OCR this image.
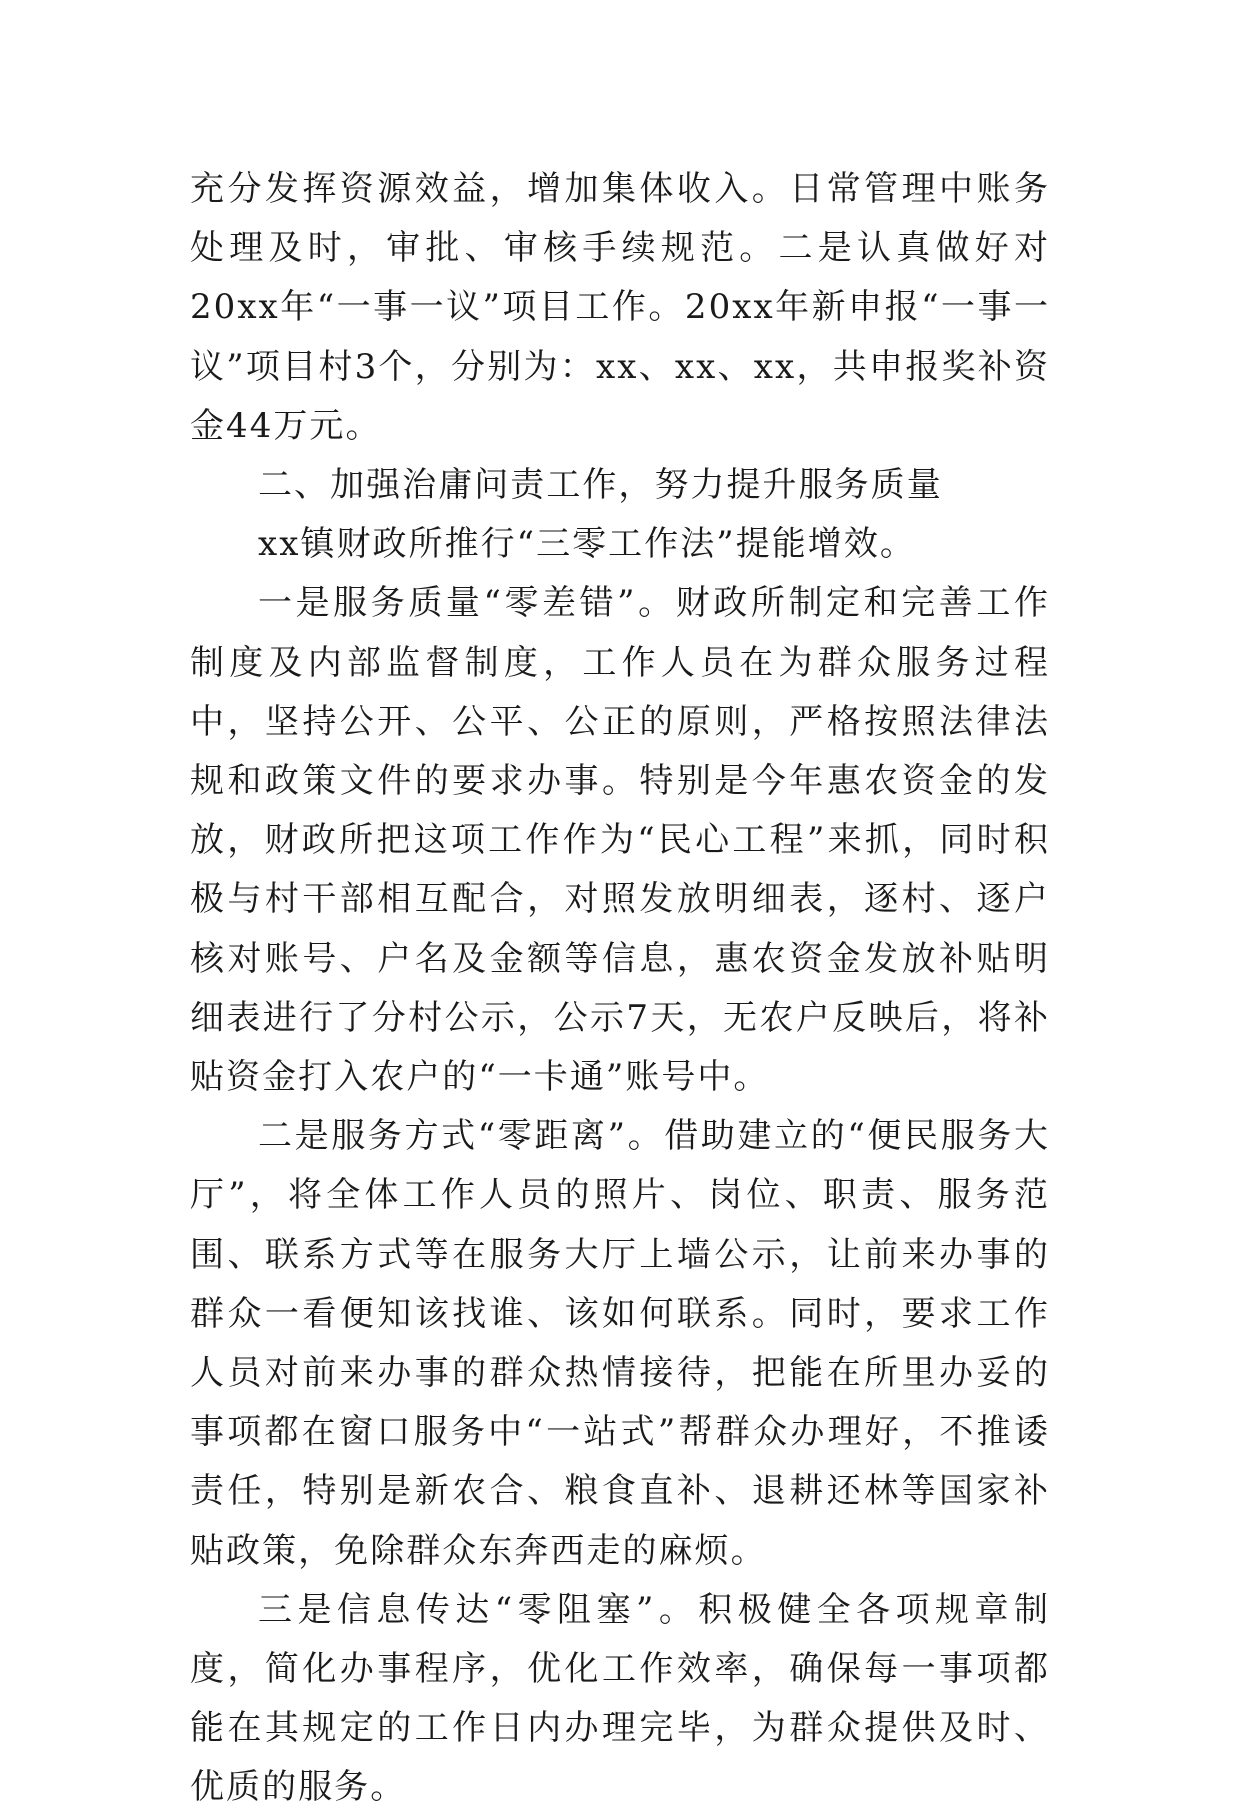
充分发挥资源效益，增加集体收入。日常管理中账务处理及时，审批、审核手续规范。二是认真做好对20xx年“一事一议”项目工作。20xx年新申报“一事一议”项目村3个，分别为：xx、xx、xx，共申报奖补资金44万元。

二、加强治庸问责工作，努力提升服务质量

xx镇财政所推行“三零工作法”提能增效。

一是服务质量“零差错”。财政所制定和完善工作制度及内部监督制度，工作人员在为群众服务过程中，坚持公开、公平、公正的原则，严格按照法律法规和政策文件的要求办事。特别是今年惠农资金的发放，财政所把这项工作作为“民心工程”来抓，同时积极与村干部相互配合，对照发放明细表，逐村、逐户核对账号、户名及金额等信息，惠农资金发放补贴明细表进行了分村公示，公示7天，无农户反映后，将补贴资金打入农户的“一卡通”账号中。

二是服务方式“零距离”。借助建立的“便民服务大厅”，将全体工作人员的照片、岗位、职责、服务范围、联系方式等在服务大厅上墙公示，让前来办事的群众一看便知该找谁、该如何联系。同时，要求工作人员对前来办事的群众热情接待，把能在所里办妥的事项都在窗口服务中“一站式”帮群众办理好，不推诿责任，特别是新农合、粮食直补、退耕还林等国家补贴政策，免除群众东奔西走的麻烦。

三是信息传达“零阻塞”。积极健全各项规章制度，简化办事程序，优化工作效率，确保每一事项都能在其规定的工作日内办理完毕，为群众提供及时、优质的服务。
